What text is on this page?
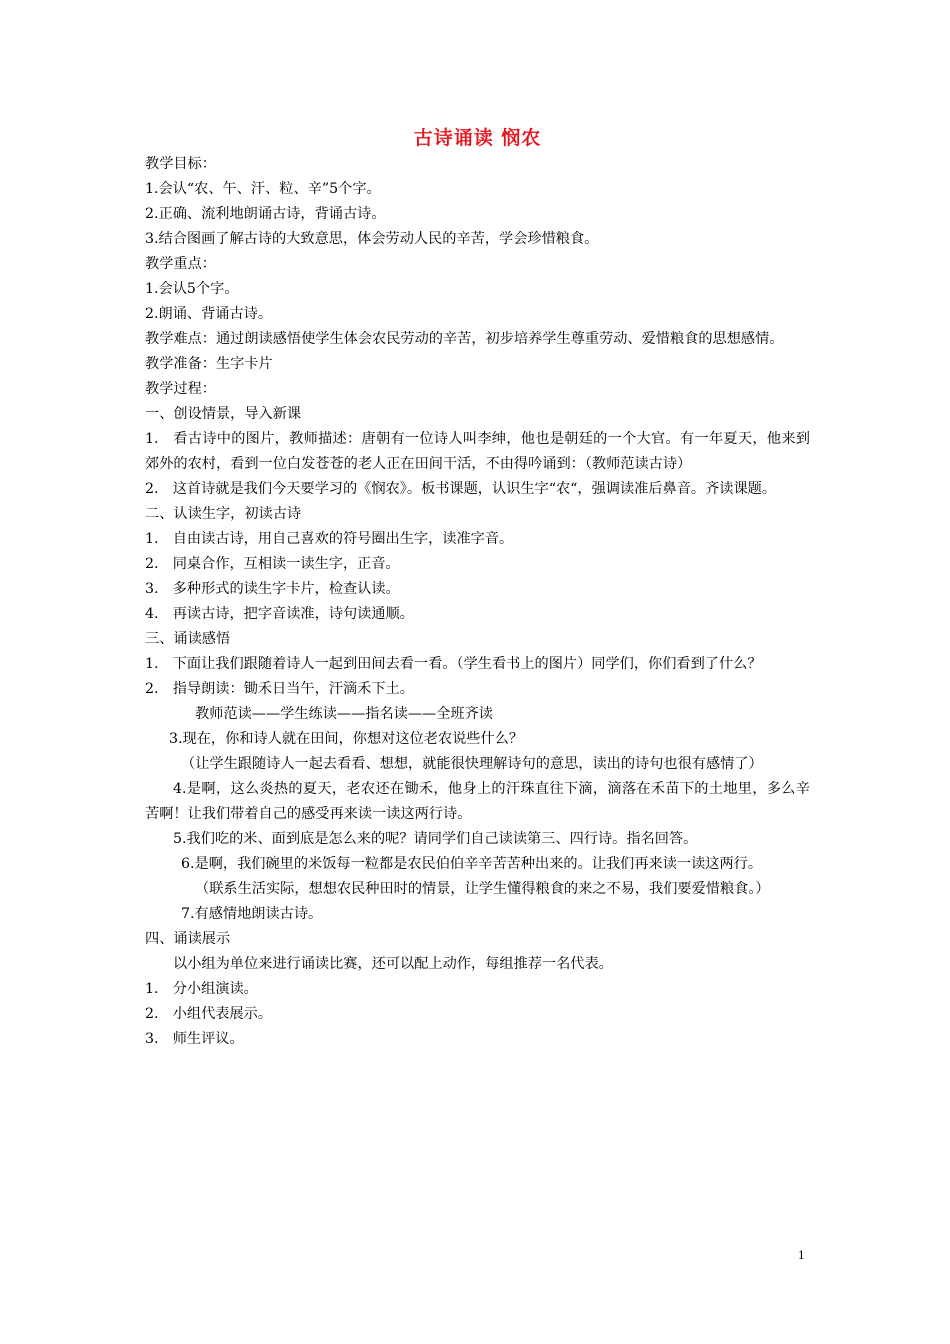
古诗诵读 悯农

教学目标：

1.会认“农、午、汗、粒、辛”5个字。

2.正确、流利地朗诵古诗，背诵古诗。

3.结合图画了解古诗的大致意思，体会劳动人民的辛苦，学会珍惜粮食。

教学重点：

1.会认5个字。

2.朗诵、背诵古诗。

教学难点：通过朗读感悟使学生体会农民劳动的辛苦，初步培养学生尊重劳动、爱惜粮食的思想感情。

教学准备：生字卡片

教学过程：

一、创设情景，导入新课

1.　看古诗中的图片，教师描述：唐朝有一位诗人叫李绅，他也是朝廷的一个大官。有一年夏天，他来到郊外的农村，看到一位白发苍苍的老人正在田间干活，不由得吟诵到：（教师范读古诗）

2.　这首诗就是我们今天要学习的《悯农》。板书课题，认识生字“农“，强调读准后鼻音。齐读课题。

二、认读生字，初读古诗

1.　自由读古诗，用自己喜欢的符号圈出生字，读准字音。

2.　同桌合作，互相读一读生字，正音。

3.　多种形式的读生字卡片，检查认读。

4.　再读古诗，把字音读准，诗句读通顺。

三、诵读感悟

1.　下面让我们跟随着诗人一起到田间去看一看。（学生看书上的图片）同学们，你们看到了什么？

2.　指导朗读：锄禾日当午，汗滴禾下土。

教师范读——学生练读——指名读——全班齐读

3.现在，你和诗人就在田间，你想对这位老农说些什么？

（让学生跟随诗人一起去看看、想想，就能很快理解诗句的意思，读出的诗句也很有感情了）

4.是啊，这么炎热的夏天，老农还在锄禾，他身上的汗珠直往下滴，滴落在禾苗下的土地里，多么辛苦啊！让我们带着自己的感受再来读一读这两行诗。

5.我们吃的米、面到底是怎么来的呢？请同学们自己读读第三、四行诗。指名回答。

6.是啊，我们碗里的米饭每一粒都是农民伯伯辛辛苦苦种出来的。让我们再来读一读这两行。

（联系生活实际，想想农民种田时的情景，让学生懂得粮食的来之不易，我们要爱惜粮食。）

7.有感情地朗读古诗。

四、诵读展示

以小组为单位来进行诵读比赛，还可以配上动作，每组推荐一名代表。

1.　分小组演读。

2.　小组代表展示。

3.　师生评议。

1
